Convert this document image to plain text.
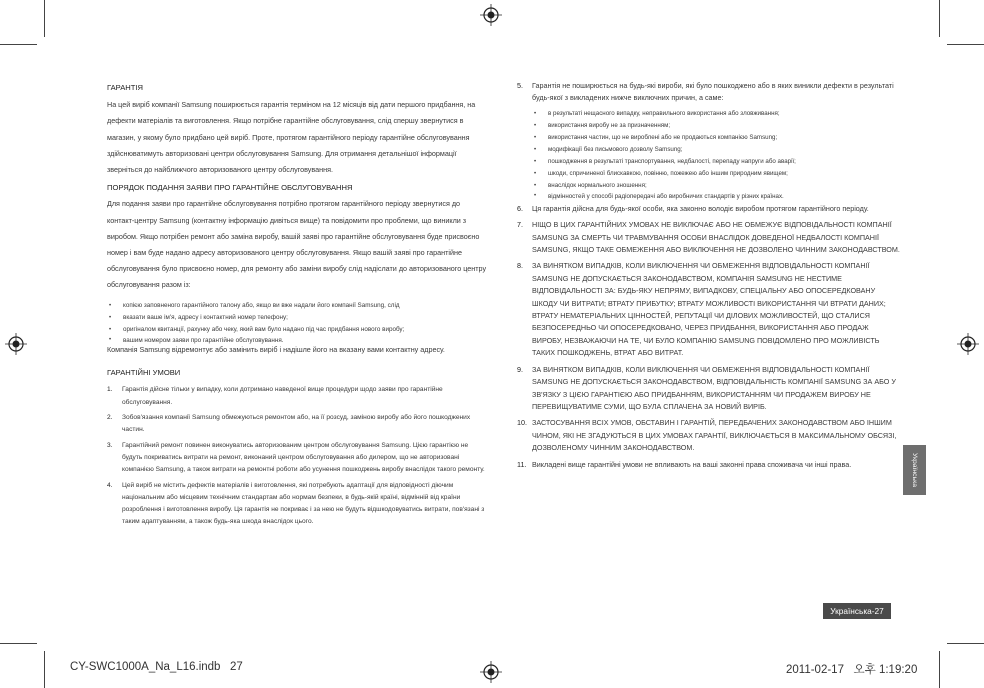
ГАРАНТІЯ

На цей виріб компанії Samsung поширюється гарантія терміном на 12 місяців від дати першого придбання, на дефекти матеріалів та виготовлення. Якщо потрібне гарантійне обслуговування, слід спершу звернутися в магазин, у якому було придбано цей виріб. Проте, протягом гарантійного періоду гарантійне обслуговування здійснюватимуть авторизовані центри обслуговування Samsung. Для отримання детальнішої інформації зверніться до найближчого авторизованого центру обслуговування.

ПОРЯДОК ПОДАННЯ ЗАЯВИ ПРО ГАРАНТІЙНЕ ОБСЛУГОВУВАННЯ

Для подання заяви про гарантійне обслуговування потрібно протягом гарантійного періоду звернутися до контакт-центру Samsung (контактну інформацію дивіться вище) та повідомити про проблеми, що виникли з виробом. Якщо потрібен ремонт або заміна виробу, вашій заяві про гарантійне обслуговування буде присвоєно номер і вам буде надано адресу авторизованого центру обслуговування. Якщо вашій заяві про гарантійне обслуговування було присвоєно номер, для ремонту або заміни виробу слід надіслати до авторизованого центру обслуговування разом із:

• копією заповненого гарантійного талону або, якщо ви вже надали його компанії Samsung, слід
• вказати ваше ім'я, адресу і контактний номер телефону;
• оригіналом квитанції, рахунку або чеку, який вам було надано під час придбання нового виробу;
• вашим номером заяви про гарантійне обслуговування.

Компанія Samsung відремонтує або замінить виріб і надішле його на вказану вами контактну адресу.

ГАРАНТІЙНІ УМОВИ

1. Гарантія дійсне тільки у випадку, коли дотримано наведеної вище процедури щодо заяви про гарантійне обслуговування.
2. Зобов'язання компанії Samsung обмежуються ремонтом або, на її розсуд, заміною виробу або його пошкоджених частин.
3. Гарантійний ремонт повинен виконуватись авторизованим центром обслуговування Samsung. Цією гарантією не будуть покриватись витрати на ремонт, виконаний центром обслуговування або дилером, що не авторизовані компанією Samsung, а також витрати на ремонтні роботи або усунення пошкоджень виробу внаслідок такого ремонту.
4. Цей виріб не містить дефектів матеріалів і виготовлення, які потребують адаптації для відповідності діючим національним або місцевим технічним стандартам або нормам безпеки, в будь-якій країні, відмінній від країни розроблення і виготовлення виробу. Ця гарантія не покриває і за нею не будуть відшкодовуватись витрати, пов'язані з таким адаптуванням, а також будь-яка шкода внаслідок цього.
5. Гарантія не поширюється на будь-які вироби, які було пошкоджено або в яких виникли дефекти в результаті будь-якої з викладених нижче виключних причин, а саме:
• в результаті нещасного випадку, неправильного використання або зловживання;
• використання виробу не за призначенням;
• використання частин, що не вироблені або не продаються компанією Samsung;
• модифікації без письмового дозволу Samsung;
• пошкодження в результаті транспортування, недбалості, перепаду напруги або аварії;
• шкоди, спричиненої блискавкою, повінню, пожежею або іншим природним явищем;
• внаслідок нормального зношення;
• відмінностей у способі радіопередачі або виробничих стандартів у різних країнах.
6. Ця гарантія дійсна для будь-якої особи, яка законно володіє виробом протягом гарантійного періоду.
7. НІЩО В ЦИХ ГАРАНТІЙНИХ УМОВАХ НЕ ВИКЛЮЧАЄ АБО НЕ ОБМЕЖУЄ ВІДПОВІДАЛЬНОСТІ КОМПАНІЇ SAMSUNG ЗА СМЕРТЬ ЧИ ТРАВМУВАННЯ ОСОБИ ВНАСЛІДОК ДОВЕДЕНОЇ НЕДБАЛОСТІ КОМПАНІЇ SAMSUNG, ЯКЩО ТАКЕ ОБМЕЖЕННЯ АБО ВИКЛЮЧЕННЯ НЕ ДОЗВОЛЕНО ЧИННИМ ЗАКОНОДАВСТВОМ.
8. ЗА ВИНЯТКОМ ВИПАДКІВ, КОЛИ ВИКЛЮЧЕННЯ ЧИ ОБМЕЖЕННЯ ВІДПОВІДАЛЬНОСТІ КОМПАНІЇ SAMSUNG НЕ ДОПУСКАЄТЬСЯ ЗАКОНОДАВСТВОМ, КОМПАНІЯ SAMSUNG НЕ НЕСТИМЕ ВІДПОВІДАЛЬНОСТІ ЗА: БУДЬ-ЯКУ НЕПРЯМУ, ВИПАДКОВУ, СПЕЦІАЛЬНУ АБО ОПОСЕРЕДКОВАНУ ШКОДУ ЧИ ВИТРАТИ; ВТРАТУ ПРИБУТКУ; ВТРАТУ МОЖЛИВОСТІ ВИКОРИСТАННЯ ЧИ ВТРАТИ ДАНИХ; ВТРАТУ НЕМАТЕРІАЛЬНИХ ЦІННОСТЕЙ, РЕПУТАЦІЇ ЧИ ДІЛОВИХ МОЖЛИВОСТЕЙ, ЩО СТАЛИСЯ БЕЗПОСЕРЕДНЬО ЧИ ОПОСЕРЕДКОВАНО, ЧЕРЕЗ ПРИДБАННЯ, ВИКОРИСТАННЯ АБО ПРОДАЖ ВИРОБУ, НЕЗВАЖАЮЧИ НА ТЕ, ЧИ БУЛО КОМПАНІЮ SAMSUNG ПОВІДОМЛЕНО ПРО МОЖЛИВІСТЬ ТАКИХ ПОШКОДЖЕНЬ, ВТРАТ АБО ВИТРАТ.
9. ЗА ВИНЯТКОМ ВИПАДКІВ, КОЛИ ВИКЛЮЧЕННЯ ЧИ ОБМЕЖЕННЯ ВІДПОВІДАЛЬНОСТІ КОМПАНІЇ SAMSUNG НЕ ДОПУСКАЄТЬСЯ ЗАКОНОДАВСТВОМ, ВІДПОВІДАЛЬНІСТЬ КОМПАНІЇ SAMSUNG ЗА АБО У ЗВ'ЯЗКУ З ЦІЄЮ ГАРАНТІЄЮ АБО ПРИДБАННЯМ, ВИКОРИСТАННЯМ ЧИ ПРОДАЖЕМ ВИРОБУ НЕ ПЕРЕВИЩУВАТИМЕ СУМИ, ЩО БУЛА СПЛАЧЕНА ЗА НОВИЙ ВИРІБ.
10. ЗАСТОСУВАННЯ ВСІХ УМОВ, ОБСТАВИН І ГАРАНТІЙ, ПЕРЕДБАЧЕНИХ ЗАКОНОДАВСТВОМ АБО ІНШИМ ЧИНОМ, ЯКІ НЕ ЗГАДУЮТЬСЯ В ЦИХ УМОВАХ ГАРАНТІЇ, ВИКЛЮЧАЄТЬСЯ В МАКСИМАЛЬНОМУ ОБСЯЗІ, ДОЗВОЛЕНОМУ ЧИННИМ ЗАКОНОДАВСТВОМ.
11. Викладені вище гарантійні умови не впливають на ваші законні права споживача чи інші права.	Українська
Українська-27
CY-SWC1000A_Na_L16.indb   27	2011-02-17   오후 1:19:20
